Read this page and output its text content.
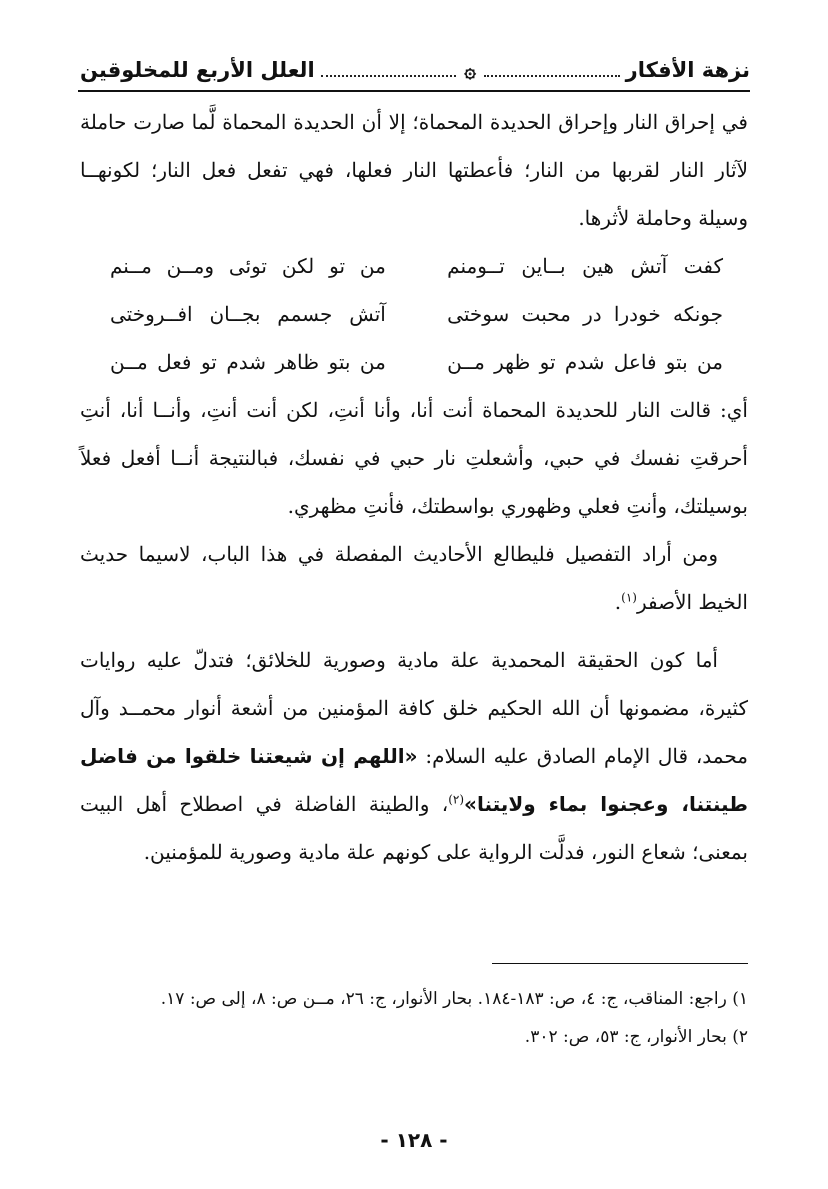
نزهة الأفكار
۞
العلل الأربع للمخلوقين

في إحراق النار وإحراق الحديدة المحماة؛ إلا أن الحديدة المحماة لَّما صارت حاملة لآثار النار لقربها من النار؛ فأعطتها النار فعلها، فهي تفعل فعل النار؛ لكونهــا وسيلة وحاملة لأثرها.

كفت آتش هين بــاين تــومنم
من تو لكن توئى ومــن مــنم
جونكه خودرا در محبت سوختى
آتش جسمم بجــان افــروختى
من بتو فاعل شدم تو ظهر مــن
من بتو ظاهر شدم تو فعل مــن

أي: قالت النار للحديدة المحماة أنت أنا، وأنا أنتِ، لكن أنت أنتِ، وأنــا أنا، أنتِ أحرقتِ نفسك في حبي، وأشعلتِ نار حبي في نفسك، فبالنتيجة أنــا أفعل فعلاً بوسيلتك، وأنتِ فعلي وظهوري بواسطتك، فأنتِ مظهري.

ومن أراد التفصيل فليطالع الأحاديث المفصلة في هذا الباب، لاسيما حديث الخيط الأصفر$^{(١)}$.

أما كون الحقيقة المحمدية علة مادية وصورية للخلائق؛ فتدلّ عليه روايات كثيرة، مضمونها أن الله الحكيم خلق كافة المؤمنين من أشعة أنوار محمــد وآل محمد، قال الإمام الصادق عليه السلام: «اللهم إن شيعتنا خلقوا من فاضل طينتنا، وعجنوا بماء ولايتنا»$^{(٢)}$، والطينة الفاضلة في اصطلاح أهل البيت بمعنى؛ شعاع النور، فدلَّت الرواية على كونهم علة مادية وصورية للمؤمنين.

١) راجع: المناقب، ج: ٤، ص: ١٨٣-١٨٤. بحار الأنوار، ج: ٢٦، مــن ص: ٨، إلى ص: ١٧.

٢) بحار الأنوار، ج: ٥٣، ص: ٣٠٢.

- ١٢٨ -
